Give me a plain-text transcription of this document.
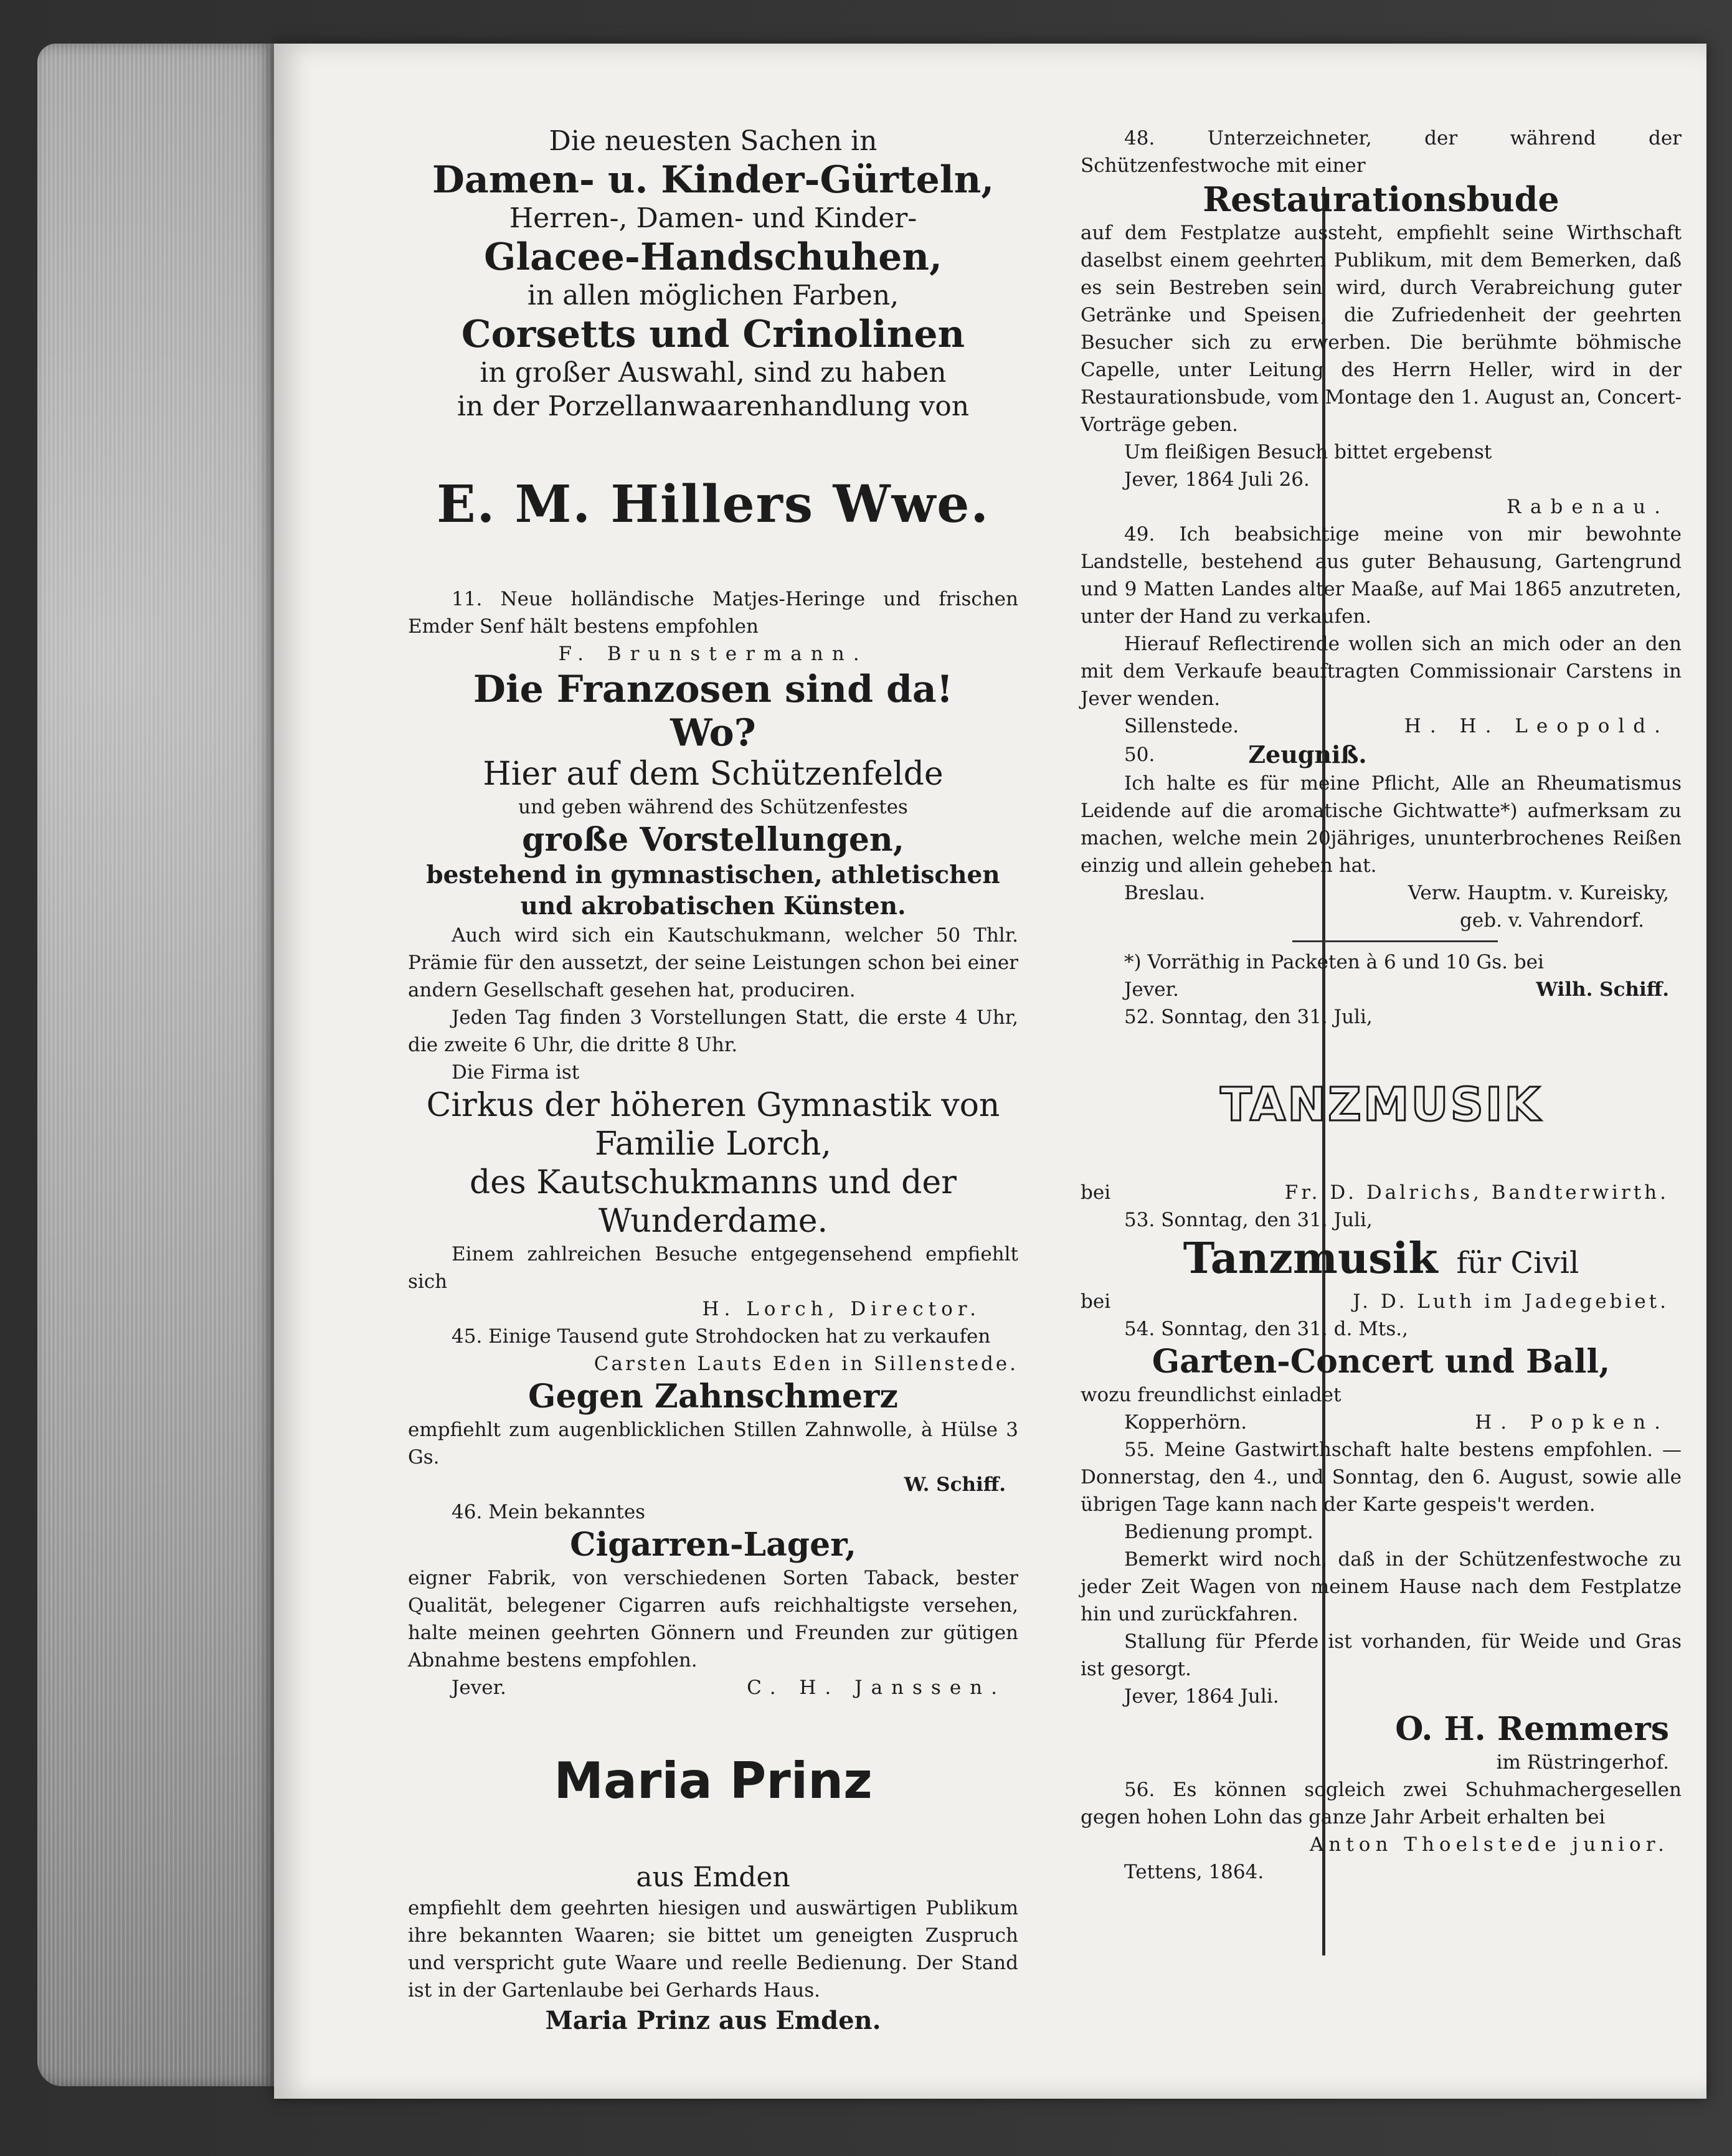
Die neuesten Sachen in

Damen- u. Kinder-Gürteln,

Herren-, Damen- und Kinder-

Glacee-Handschuhen,

in allen möglichen Farben,

Corsetts und Crinolinen

in großer Auswahl, sind zu haben

in der Porzellanwaarenhandlung von

E. M. Hillers Wwe.

11. Neue holländische Matjes-Heringe und frischen Emder Senf hält bestens empfohlen

F. Brunstermann.

Die Franzosen sind da!

Wo?

Hier auf dem Schützenfelde

und geben während des Schützenfestes

große Vorstellungen,

bestehend in gymnastischen, athletischen

und akrobatischen Künsten.

Auch wird sich ein Kautschukmann, welcher 50 Thlr. Prämie für den aussetzt, der seine Leistungen schon bei einer andern Gesellschaft gesehen hat, produciren.

Jeden Tag finden 3 Vorstellungen Statt, die erste 4 Uhr, die zweite 6 Uhr, die dritte 8 Uhr.

Die Firma ist

Cirkus der höheren Gymnastik von

Familie Lorch,

des Kautschukmanns und der

Wunderdame.

Einem zahlreichen Besuche entgegensehend empfiehlt sich

H. Lorch, Director.

45. Einige Tausend gute Strohdocken hat zu verkaufen

Carsten Lauts Eden in Sillenstede.

Gegen Zahnschmerz

empfiehlt zum augenblicklichen Stillen Zahnwolle, à Hülse 3 Gs.

W. Schiff.

46. Mein bekanntes

Cigarren-Lager,

eigner Fabrik, von verschiedenen Sorten Taback, bester Qualität, belegener Cigarren aufs reichhaltigste versehen, halte meinen geehrten Gönnern und Freunden zur gütigen Abnahme bestens empfohlen.

Jever.	C. H. Janssen.

Maria Prinz

aus Emden

empfiehlt dem geehrten hiesigen und auswärtigen Publikum ihre bekannten Waaren; sie bittet um geneigten Zuspruch und verspricht gute Waare und reelle Bedienung. Der Stand ist in der Gartenlaube bei Gerhards Haus.

Maria Prinz aus Emden.

48. Unterzeichneter, der während der Schützenfestwoche mit einer

Restaurationsbude

auf dem Festplatze aussteht, empfiehlt seine Wirthschaft daselbst einem geehrten Publikum, mit dem Bemerken, daß es sein Bestreben sein wird, durch Verabreichung guter Getränke und Speisen, die Zufriedenheit der geehrten Besucher sich zu erwerben. Die berühmte böhmische Capelle, unter Leitung des Herrn Heller, wird in der Restaurationsbude, vom Montage den 1. August an, Concert-Vorträge geben.

Um fleißigen Besuch bittet ergebenst

Jever, 1864 Juli 26.

Rabenau.

49. Ich beabsichtige meine von mir bewohnte Landstelle, bestehend aus guter Behausung, Gartengrund und 9 Matten Landes alter Maaße, auf Mai 1865 anzutreten, unter der Hand zu verkaufen.

Hierauf Reflectirende wollen sich an mich oder an den mit dem Verkaufe beauftragten Commissionair Carstens in Jever wenden.

Sillenstede.	H. H. Leopold.
50.	Zeugniß.

Ich halte es für meine Pflicht, Alle an Rheumatismus Leidende auf die aromatische Gichtwatte*) aufmerksam zu machen, welche mein 20jähriges, ununterbrochenes Reißen einzig und allein geheben hat.

Breslau.	Verw. Hauptm. v. Kureisky,

geb. v. Vahrendorf.

*) Vorräthig in Packeten à 6 und 10 Gs. bei

Jever.	Wilh. Schiff.

52. Sonntag, den 31. Juli,

TANZMUSIK

bei	Fr. D. Dalrichs, Bandterwirth.

53. Sonntag, den 31. Juli,

Tanzmusik für Civil
bei	J. D. Luth im Jadegebiet.

54. Sonntag, den 31. d. Mts.,

Garten-Concert und Ball,

wozu freundlichst einladet

Kopperhörn.	H. Popken.

55. Meine Gastwirthschaft halte bestens empfohlen. — Donnerstag, den 4., und Sonntag, den 6. August, sowie alle übrigen Tage kann nach der Karte gespeis't werden.

Bedienung prompt.

Bemerkt wird noch, daß in der Schützenfestwoche zu jeder Zeit Wagen von meinem Hause nach dem Festplatze hin und zurückfahren.

Stallung für Pferde ist vorhanden, für Weide und Gras ist gesorgt.

Jever, 1864 Juli.

O. H. Remmers

im Rüstringerhof.

56. Es können sogleich zwei Schuhmachergesellen gegen hohen Lohn das ganze Jahr Arbeit erhalten bei

Anton Thoelstede junior.

Tettens, 1864.
